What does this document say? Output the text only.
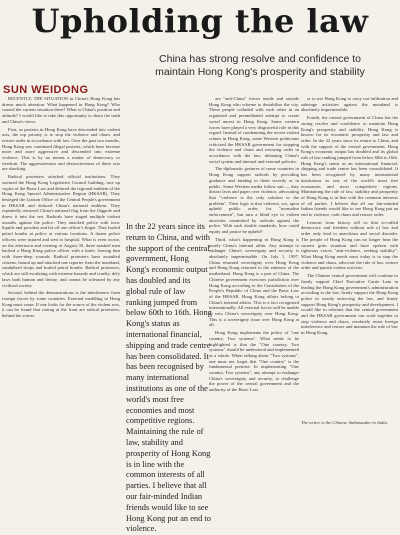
Upholding the law
China has strong resolve and confidence to maintain Hong Kong's prosperity and stability
SUN WEIDONG

RECENTLY, THE SITUATION in China's Hong Kong has drawn much attention. What happened in Hong Kong? Who caused the current situation there? What is China's position and attitude? I would like to take this opportunity to share the truth and China's views.

First, as protests in Hong Kong have descended into violent acts, the top priority is to stop the violence and chaos, and restore order in accordance with law. Over the past two months, Hong Kong saw continued illegal protests, which have become more and more aggressive and descended into extreme violence. This is by no means a matter of democracy or freedom. The aggressiveness and destructiveness of these acts are shocking.

Radical protesters attacked official institutions. They stormed the Hong Kong Legislative Council building, tore up copies of the Basic Law and defaced the regional emblem of the Hong Kong Special Administrative Region (HKSAR). They besieged the Liaison Office of the Central People's government in HKSAR and defaced China's national emblem. They repeatedly removed China's national flag from the flagpole and threw it into the sea. Radicals have staged multiple violent assaults against the police. They attacked police with toxic liquids and powders and bit off one officer's finger. They hurled petrol bombs at police at various locations. A dozen police officers were injured and sent to hospital. What is even worse, on the afternoon and evening of August 30, three masked men hacked a Hong Kong police officer with a knife, leaving him with three-deep wounds. Radical protesters have assaulted citizens, bound up and attacked one reporter from the mainland, vandalised shops and hurled petrol bombs. Radical protesters, which are still escalating with extreme hazards and cruelty, defy laws both human and divine, and cannot be tolerated by any civilised society.

Second, behind the demonstrations is the interference from foreign forces by some countries. External meddling in Hong Kong must cease. If one looks for the source of the violent acts, it can be found that rioting at the front are radical protesters, behind the scenes

In the 22 years since its return to China, and with the support of the central government, Hong Kong's economic output has doubled and its global rule of law ranking jumped from below 60th to 16th. Hong Kong's status as international financial, shipping and trade centre has been consolidated. It has been recognised by many international institutions as one of the world's most free economies and most competitive regions. Maintaining the rule of law, stability and prosperity of Hong Kong is in line with the common interests of all parties. I believe that all our fair-minded Indian friends would like to see Hong Kong put an end to violence.

are "anti-China" forces inside and outside Hong Kong who scheme to destabilise the city. These people colluded with each other in an organised and premeditated attempt to create social unrest in Hong Kong. Some western forces have played a very disgraceful role in this regard. Instead of condemning the recent violent crimes in Hong Kong, some Western politicians criticised the HKSAR government for stopping the violence and chaos and restoring order in accordance with the law, defaming China's social system and internal and external policies.

The diplomatic gestures of some countries in Hong Kong support radicals by providing guidance and funding to them secretly or in public. Some Western media follow suit — they distort facts and paper over violence, advocating that "violence is the only solution to the problem". Their logic is that violence, too, upon upheld public order, for "normalise enforcement", but turn a blind eye to violent atrocities committed by radicals against the police. With such double standards, how could equity and justice be upheld?

Third, what's happening in Hong Kong is purely China's internal affair. Any attempt to endanger China's sovereignty and security is absolutely impermissible. On July 1, 1997, China resumed sovereignty over Hong Kong and Hong Kong returned to the embrace of the motherland. Hong Kong is a part of China. The Chinese government exercises jurisdiction over Hong Kong according to the Constitution of the People's Republic of China and the Basic Law of the HKSAR. Hong Kong affairs belong to China's internal affairs. This is a fact recognised internationally. All external forces will be unable to veto China's sovereignty over Hong Kong. This is a sovereignty issue over Hong Kong at all.

Hong Kong implements the policy of "one country, Two systems". What needs to be highlighted is that the "One country, Two systems" should be understood and implemented as a whole. When talking about "Two systems", one must not forget that "One country" is the fundamental premise. In implementing "One country, Two systems", any attempt to endanger China's sovereignty and security, to challenge the power of the central government and the authority of the Basic Law,

or to use Hong Kong to carry out infiltration and sabotage activities against the mainland is absolutely impermissible.

Fourth, the central government of China has the strong resolve and confidence to maintain Hong Kong's prosperity and stability. Hong Kong is known for its economic prosperity and law and order. In the 22 years since its return to China, and with the support of the central government, Hong Kong's economic output has doubled and its global rule of law ranking jumped from below 60th to 16th. Hong Kong's status as an international financial, shipping and trade centre has been consolidated. It has been recognised by many international institutions as one of the world's most free economies and most competitive regions. Maintaining the rule of law, stability and prosperity of Hong Kong is in line with the common interests of all parties. I believe that all our fair-minded Indian friends would like to see Hong Kong put an end to violence, curb chaos and restore order.

Lessons from history tell us that so-called democracy and freedom without rule of law and order only lead to anarchism and social disorder. The people of Hong Kong can no longer bear the current grim situation and have spoken with righteous voices "anti-violence, seeking stability". What Hong Kong needs most today is to stop the violence and chaos, advocate the rule of law, restore order and punish violent activists.

The Chinese central government will continue to firmly support Chief Executive Carrie Lam in leading the Hong Kong government's administration according to the law, firmly support the Hong Kong police in sternly enforcing the law, and firmly support Hong Kong's prosperity and development. I would like to reiterate that the central government and the HKSAR government can work together to stop violence and chaos, resolutely resist foreign interference and restore and maintain the rule of law in Hong Kong.

The writer is the Chinese Ambassador to India.
